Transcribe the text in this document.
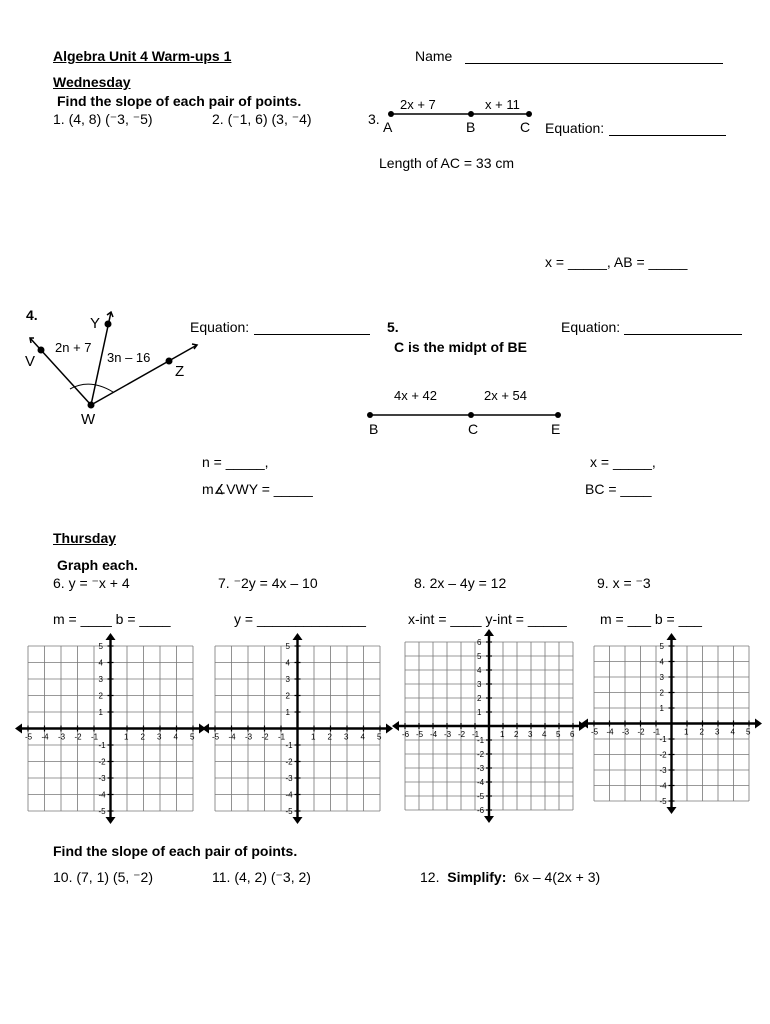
Algebra Unit 4 Warm-ups 1	Name
Wednesday
Find the slope of each pair of points.
1. (4, 8) (⁻3, ⁻5)	2. (⁻1, 6) (3, ⁻4)	3.
2x + 7	x + 11
A	B	C Equation:
Length of AC = 33 cm
x = _____, AB = _____
4.	Y
V
Z
W
2n + 7
3n – 16
Equation:
n = _____,
m∡VWY = _____
5.
C is the midpt of BE
Equation:
4x + 42	2x + 54
B	C	E
x = _____,
BC = ____
Thursday
Graph each.
6. y = ⁻x + 4	7. ⁻2y = 4x – 10	8. 2x – 4y = 12	9. x = ⁻3
m = ____ b = ____	y = ______________	x-int = ____ y-int = _____ m = ___ b = ___
-5
-5
-4
-4
-3
-3
-2
-2
-1
-1
1
1
2
2
3
3
4
4
5
5
-5
-5
-4
-4
-3
-3
-2
-2
-1
-1
1
1
2
2
3
3
4
4
5
5
-6
-6
-5
-5
-4
-4
-3
-3
-2
-2
-1
-1
1
1
2
2
3
3
4
4
5
5
6
6
-5
-5
-4
-4
-3
-3
-2
-2
-1
-1
1
1
2
2
3
3
4
4
5
5
Find the slope of each pair of points.
10. (7, 1) (5, ⁻2)	11. (4, 2) (⁻3, 2)	12. Simplify: 6x – 4(2x + 3)
